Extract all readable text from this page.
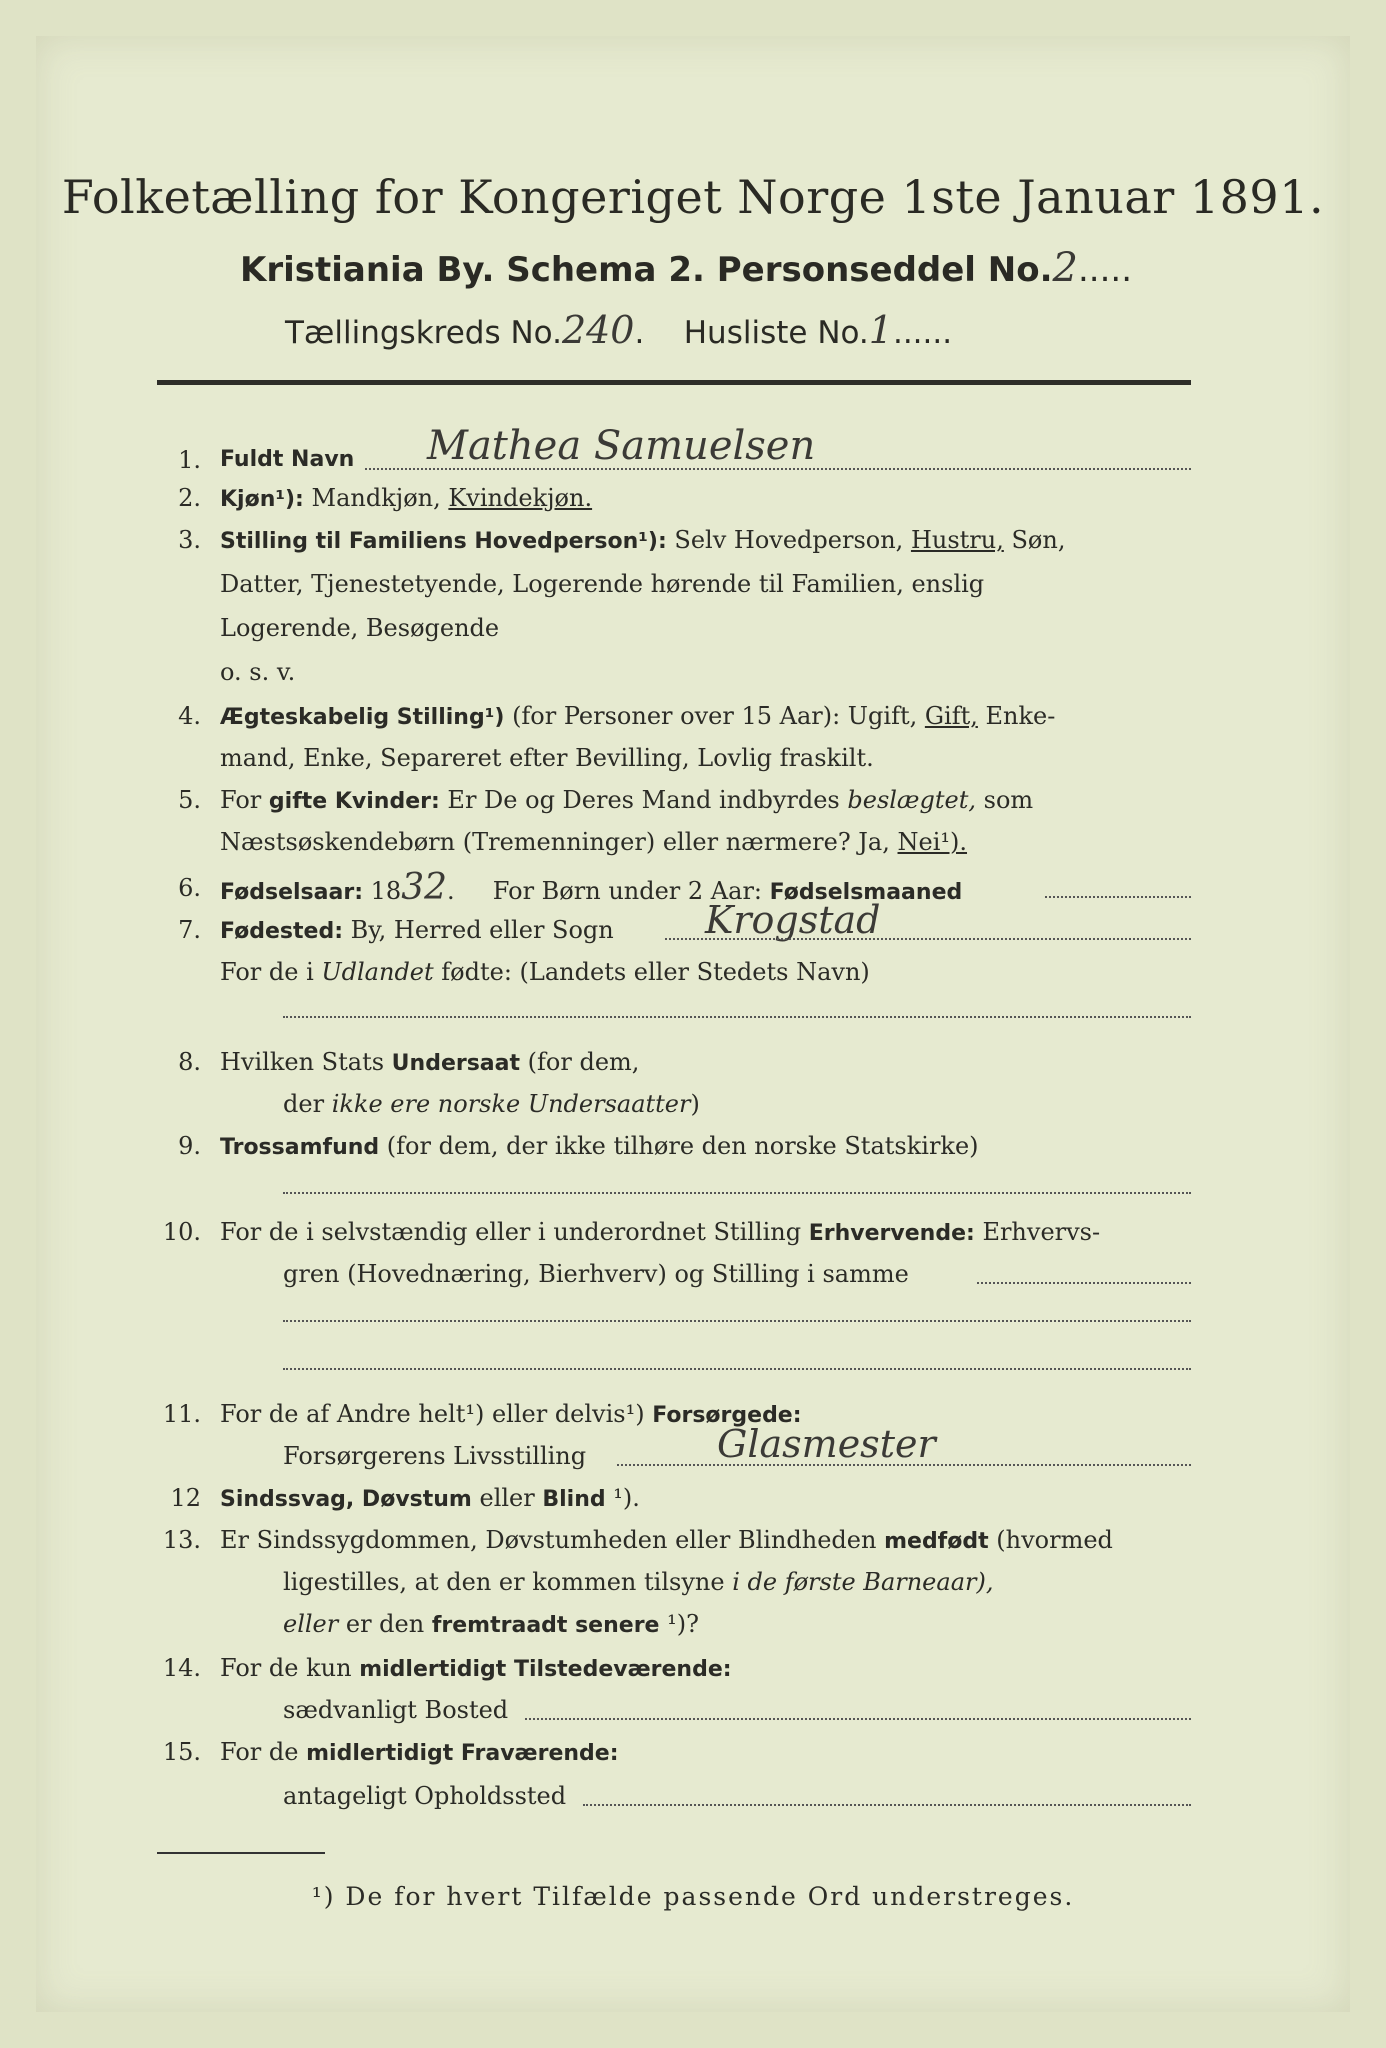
Folketælling for Kongeriget Norge 1ste Januar 1891.
Kristiania By. Schema 2. Personseddel No.2.....
Tællingskreds No.240. Husliste No.1......
1. Fuldt Navn Mathea Samuelsen
2. Kjøn¹): Mandkjøn, Kvindekjøn.
3. Stilling til Familiens Hovedperson¹): Selv Hovedperson, Hustru, Søn,
Datter, Tjenestetyende, Logerende hørende til Familien, enslig
Logerende, Besøgende
o. s. v.
4. Ægteskabelig Stilling¹) (for Personer over 15 Aar): Ugift, Gift, Enke-
mand, Enke, Separeret efter Bevilling, Lovlig fraskilt.
5. For gifte Kvinder: Er De og Deres Mand indbyrdes beslægtet, som
Næstsøskendebørn (Tremenninger) eller nærmere? Ja, Nei¹).
6. Fødselsaar: 1832.     For Børn under 2 Aar: Fødselsmaaned
7. Fødested: By, Herred eller Sogn Krogstad
For de i Udlandet fødte: (Landets eller Stedets Navn)
8. Hvilken Stats Undersaat (for dem,
der ikke ere norske Undersaatter)
9. Trossamfund (for dem, der ikke tilhøre den norske Statskirke)
10. For de i selvstændig eller i underordnet Stilling Erhvervende: Erhvervs-
gren (Hovednæring, Bierhverv) og Stilling i samme
11. For de af Andre helt¹) eller delvis¹) Forsørgede:
Forsørgerens Livsstilling	Glasmester
12 Sindssvag, Døvstum eller Blind ¹).
13. Er Sindssygdommen, Døvstumheden eller Blindheden medfødt (hvormed
ligestilles, at den er kommen tilsyne i de første Barneaar),
eller er den fremtraadt senere ¹)?
14. For de kun midlertidigt Tilstedeværende:
sædvanligt Bosted
15. For de midlertidigt Fraværende:
antageligt Opholdssted
¹) De for hvert Tilfælde passende Ord understreges.
